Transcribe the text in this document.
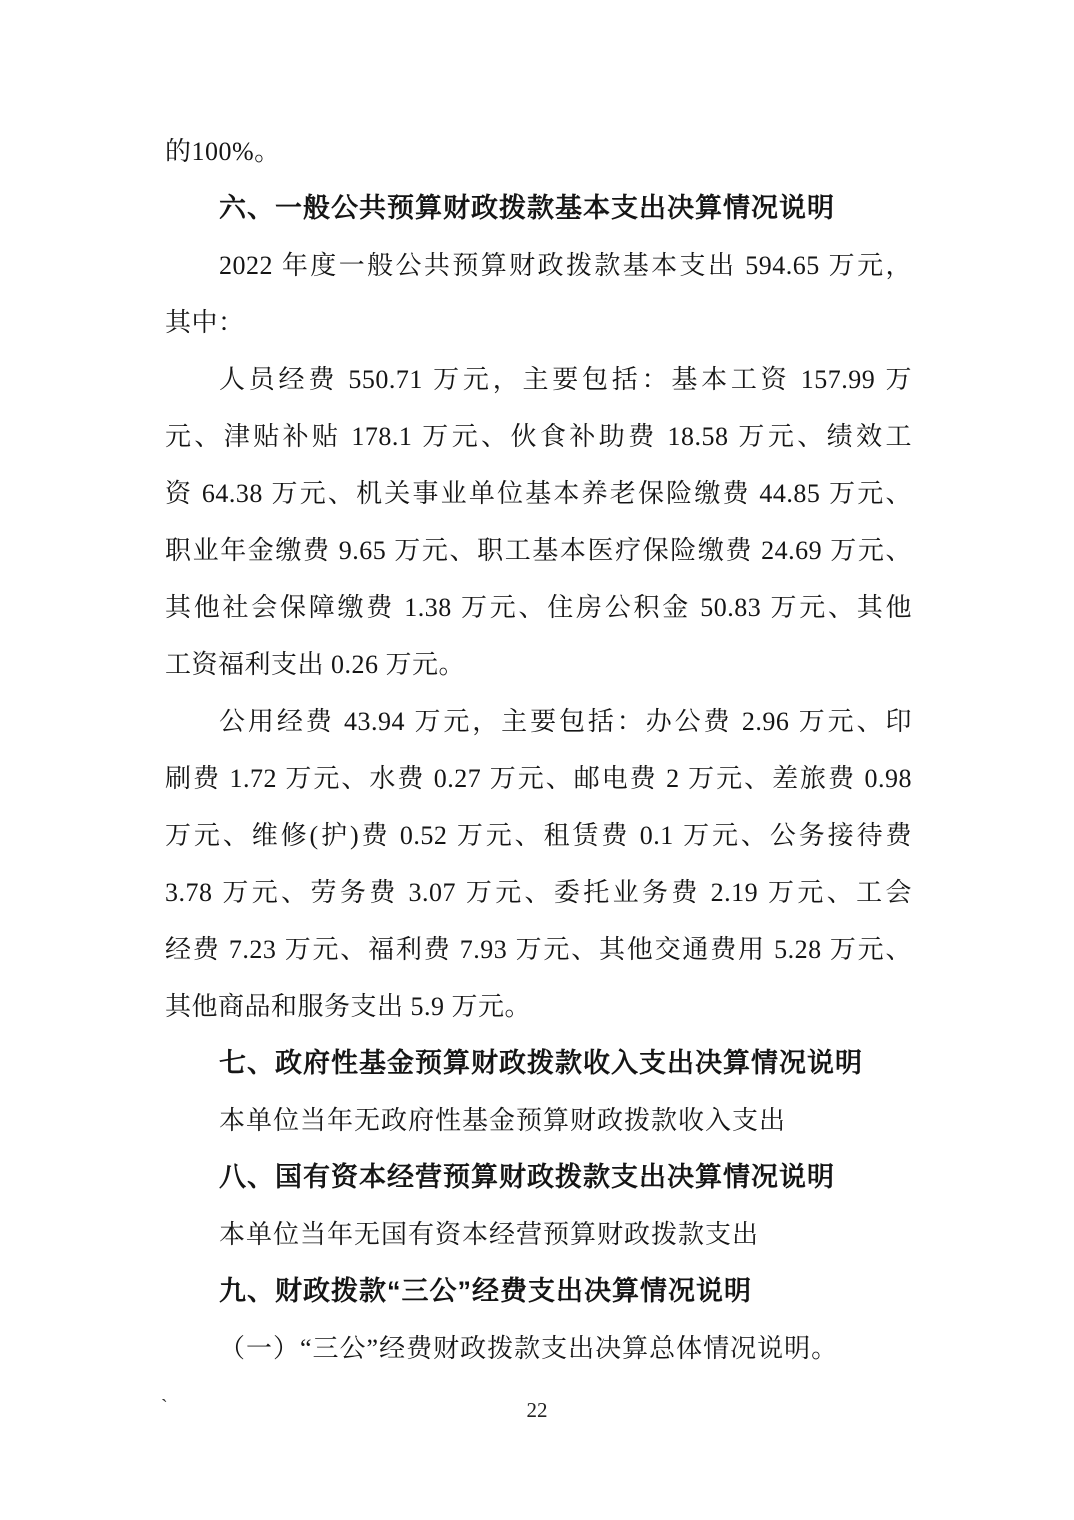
的100%。
六、一般公共预算财政拨款基本支出决算情况说明
2022 年度一般公共预算财政拨款基本支出 594.65 万元，
其中：
人员经费 550.71 万元，主要包括：基本工资 157.99 万
元、津贴补贴 178.1 万元、伙食补助费 18.58 万元、绩效工
资 64.38 万元、机关事业单位基本养老保险缴费 44.85 万元、
职业年金缴费 9.65 万元、职工基本医疗保险缴费 24.69 万元、
其他社会保障缴费 1.38 万元、住房公积金 50.83 万元、其他
工资福利支出 0.26 万元。
公用经费 43.94 万元，主要包括：办公费 2.96 万元、印
刷费 1.72 万元、水费 0.27 万元、邮电费 2 万元、差旅费 0.98
万元、维修(护)费 0.52 万元、租赁费 0.1 万元、公务接待费
3.78 万元、劳务费 3.07 万元、委托业务费 2.19 万元、工会
经费 7.23 万元、福利费 7.93 万元、其他交通费用 5.28 万元、
其他商品和服务支出 5.9 万元。
七、政府性基金预算财政拨款收入支出决算情况说明
本单位当年无政府性基金预算财政拨款收入支出
八、国有资本经营预算财政拨款支出决算情况说明
本单位当年无国有资本经营预算财政拨款支出
九、财政拨款“三公”经费支出决算情况说明
（一）“三公”经费财政拨款支出决算总体情况说明。
`	22
